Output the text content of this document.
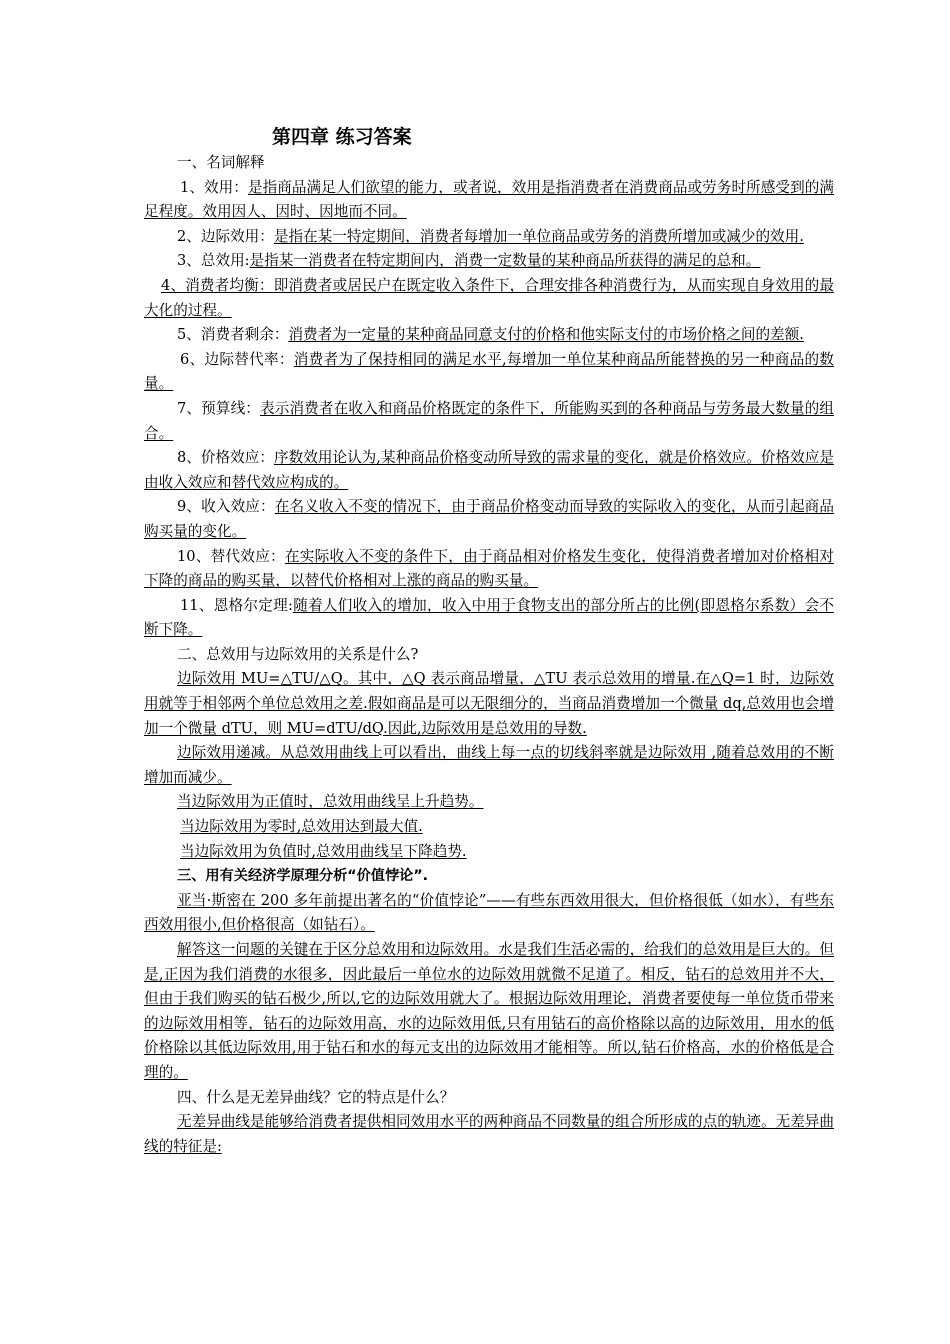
第四章 练习答案

一、名词解释

1、效用：是指商品满足人们欲望的能力，或者说，效用是指消费者在消费商品或劳务时所感受到的满足程度。效用因人、因时、因地而不同。

2、边际效用：是指在某一特定期间，消费者每增加一单位商品或劳务的消费所增加或减少的效用.

3、总效用:是指某一消费者在特定期间内，消费一定数量的某种商品所获得的满足的总和。

4、消费者均衡：即消费者或居民户在既定收入条件下，合理安排各种消费行为，从而实现自身效用的最大化的过程。

5、消费者剩余：消费者为一定量的某种商品同意支付的价格和他实际支付的市场价格之间的差额.

6、边际替代率：消费者为了保持相同的满足水平,每增加一单位某种商品所能替换的另一种商品的数量。

7、预算线：表示消费者在收入和商品价格既定的条件下，所能购买到的各种商品与劳务最大数量的组合。

8、价格效应：序数效用论认为,某种商品价格变动所导致的需求量的变化，就是价格效应。价格效应是由收入效应和替代效应构成的。

9、收入效应：在名义收入不变的情况下，由于商品价格变动而导致的实际收入的变化，从而引起商品购买量的变化。

10、替代效应：在实际收入不变的条件下，由于商品相对价格发生变化，使得消费者增加对价格相对下降的商品的购买量，以替代价格相对上涨的商品的购买量。

11、恩格尔定理:随着人们收入的增加，收入中用于食物支出的部分所占的比例(即恩格尔系数）会不断下降。

二、总效用与边际效用的关系是什么?

边际效用 MU=△TU/△Q。其中，△Q 表示商品增量，△TU 表示总效用的增量.在△Q=1 时，边际效用就等于相邻两个单位总效用之差.假如商品是可以无限细分的，当商品消费增加一个微量 dq,总效用也会增加一个微量 dTU，则 MU=dTU/dQ.因此,边际效用是总效用的导数.

边际效用递减。从总效用曲线上可以看出，曲线上每一点的切线斜率就是边际效用 ,随着总效用的不断增加而减少。

当边际效用为正值时，总效用曲线呈上升趋势。

当边际效用为零时,总效用达到最大值.

当边际效用为负值时,总效用曲线呈下降趋势.

三、用有关经济学原理分析“价值悖论”.

亚当·斯密在 200 多年前提出著名的“价值悖论”——有些东西效用很大，但价格很低（如水），有些东西效用很小,但价格很高（如钻石）。

解答这一问题的关键在于区分总效用和边际效用。水是我们生活必需的，给我们的总效用是巨大的。但是,正因为我们消费的水很多，因此最后一单位水的边际效用就微不足道了。相反，钻石的总效用并不大，但由于我们购买的钻石极少,所以,它的边际效用就大了。根据边际效用理论，消费者要使每一单位货币带来的边际效用相等，钻石的边际效用高，水的边际效用低,只有用钻石的高价格除以高的边际效用，用水的低价格除以其低边际效用,用于钻石和水的每元支出的边际效用才能相等。所以,钻石价格高，水的价格低是合理的。

四、什么是无差异曲线？它的特点是什么？

无差异曲线是能够给消费者提供相同效用水平的两种商品不同数量的组合所形成的点的轨迹。无差异曲线的特征是:
